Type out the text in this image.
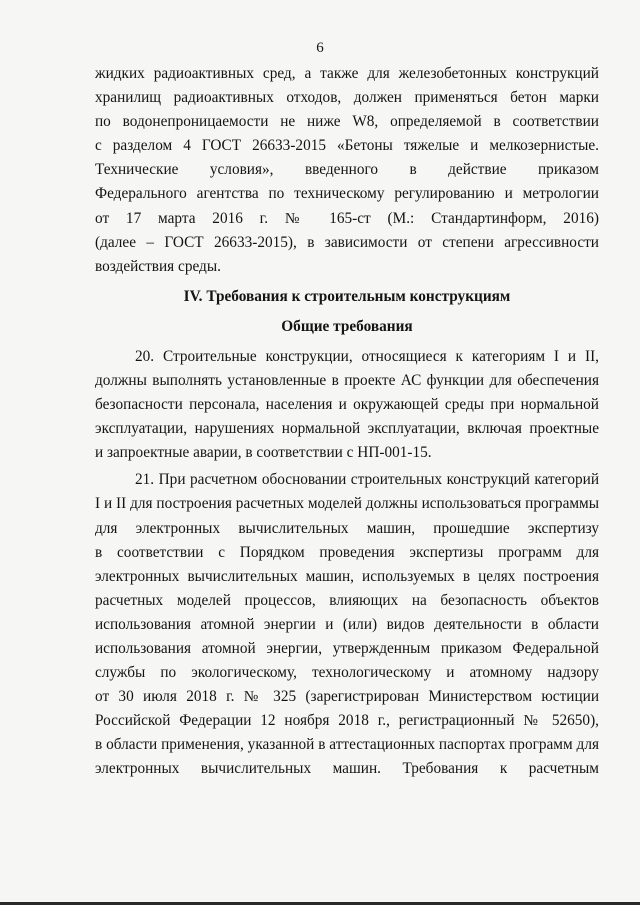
6
жидких радиоактивных сред, а также для железобетонных конструкций
хранилищ радиоактивных отходов, должен применяться бетон марки
по водонепроницаемости не ниже W8, определяемой в соответствии
с разделом 4 ГОСТ 26633-2015 «Бетоны тяжелые и мелкозернистые.
Технические условия», введенного в действие приказом
Федерального агентства по техническому регулированию и метрологии
от 17 марта 2016 г. № 165-ст (М.: Стандартинформ, 2016)
(далее – ГОСТ 26633-2015), в зависимости от степени агрессивности
воздействия среды.
IV. Требования к строительным конструкциям
Общие требования
20. Строительные конструкции, относящиеся к категориям I и II,
должны выполнять установленные в проекте АС функции для обеспечения
безопасности персонала, населения и окружающей среды при нормальной
эксплуатации, нарушениях нормальной эксплуатации, включая проектные
и запроектные аварии, в соответствии с НП-001-15.
21. При расчетном обосновании строительных конструкций категорий
I и II для построения расчетных моделей должны использоваться программы
для электронных вычислительных машин, прошедшие экспертизу
в соответствии с Порядком проведения экспертизы программ для
электронных вычислительных машин, используемых в целях построения
расчетных моделей процессов, влияющих на безопасность объектов
использования атомной энергии и (или) видов деятельности в области
использования атомной энергии, утвержденным приказом Федеральной
службы по экологическому, технологическому и атомному надзору
от 30 июля 2018 г. № 325 (зарегистрирован Министерством юстиции
Российской Федерации 12 ноября 2018 г., регистрационный № 52650),
в области применения, указанной в аттестационных паспортах программ для
электронных вычислительных машин. Требования к расчетным
